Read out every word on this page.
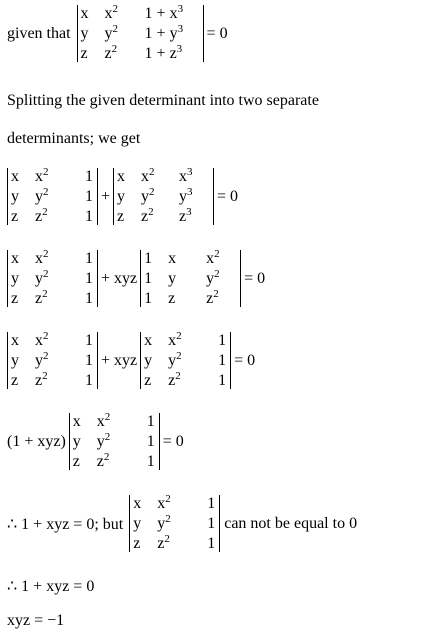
given that
x	$x^2$	$1 + x^3$
y	$y^2$	$1 + y^3$
z	$z^2$	$1 + z^3$
= 0
Splitting the given determinant into two separate
determinants; we get
x	$x^2$	1
y	$y^2$	1
z	$z^2$	1
+
x	$x^2$	$x^3$
y	$y^2$	$y^3$
z	$z^2$	$z^3$
= 0
x	$x^2$	1
y	$y^2$	1
z	$z^2$	1
+ xyz
1	x	$x^2$
1	y	$y^2$
1	z	$z^2$
= 0
x	$x^2$	1
y	$y^2$	1
z	$z^2$	1
+ xyz
x	$x^2$	1
y	$y^2$	1
z	$z^2$	1
= 0
(1 + xyz)
x	$x^2$	1
y	$y^2$	1
z	$z^2$	1
= 0
∴ 1 + xyz = 0; but
x	$x^2$	1
y	$y^2$	1
z	$z^2$	1
can not be equal to 0
∴ 1 + xyz = 0
xyz = −1
